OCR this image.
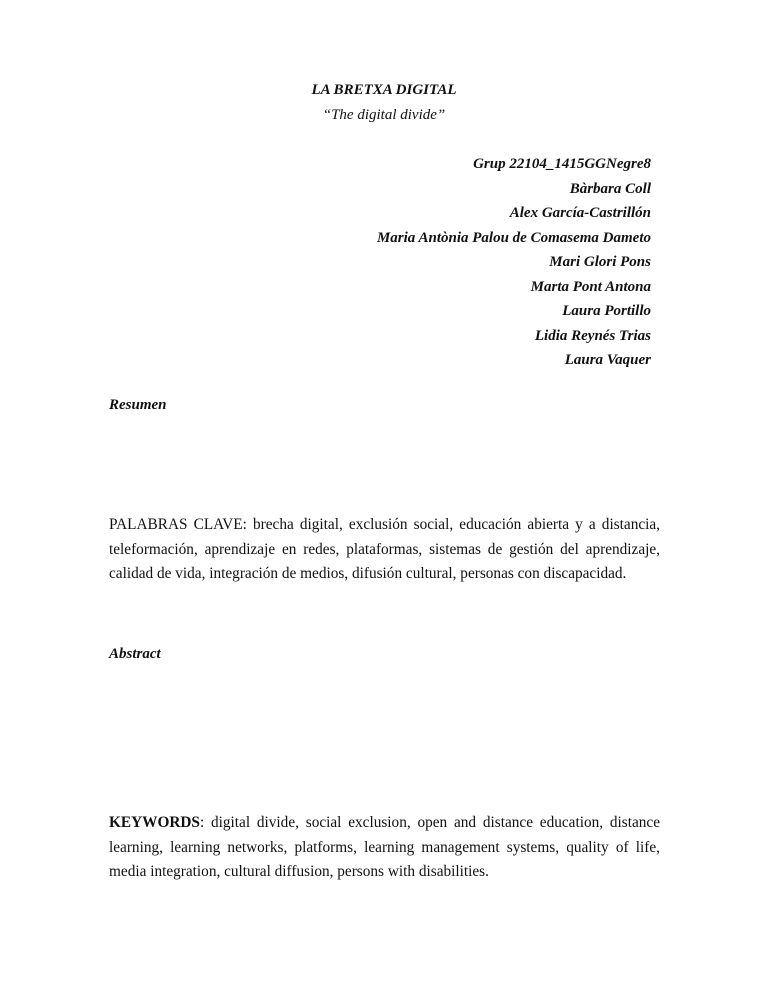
LA BRETXA DIGITAL
“The digital divide”
Grup 22104_1415GGNegre8
Bàrbara Coll
Alex García-Castrillón
Maria Antònia Palou de Comasema Dameto
Mari Glori Pons
Marta Pont Antona
Laura Portillo
Lidia Reynés Trias
Laura Vaquer
Resumen
PALABRAS CLAVE: brecha digital, exclusión social, educación abierta y a distancia, teleformación, aprendizaje en redes, plataformas, sistemas de gestión del aprendizaje, calidad de vida, integración de medios, difusión cultural, personas con discapacidad.
Abstract
KEYWORDS: digital divide, social exclusion, open and distance education, distance learning, learning networks, platforms, learning management systems, quality of life, media integration, cultural diffusion, persons with disabilities.
